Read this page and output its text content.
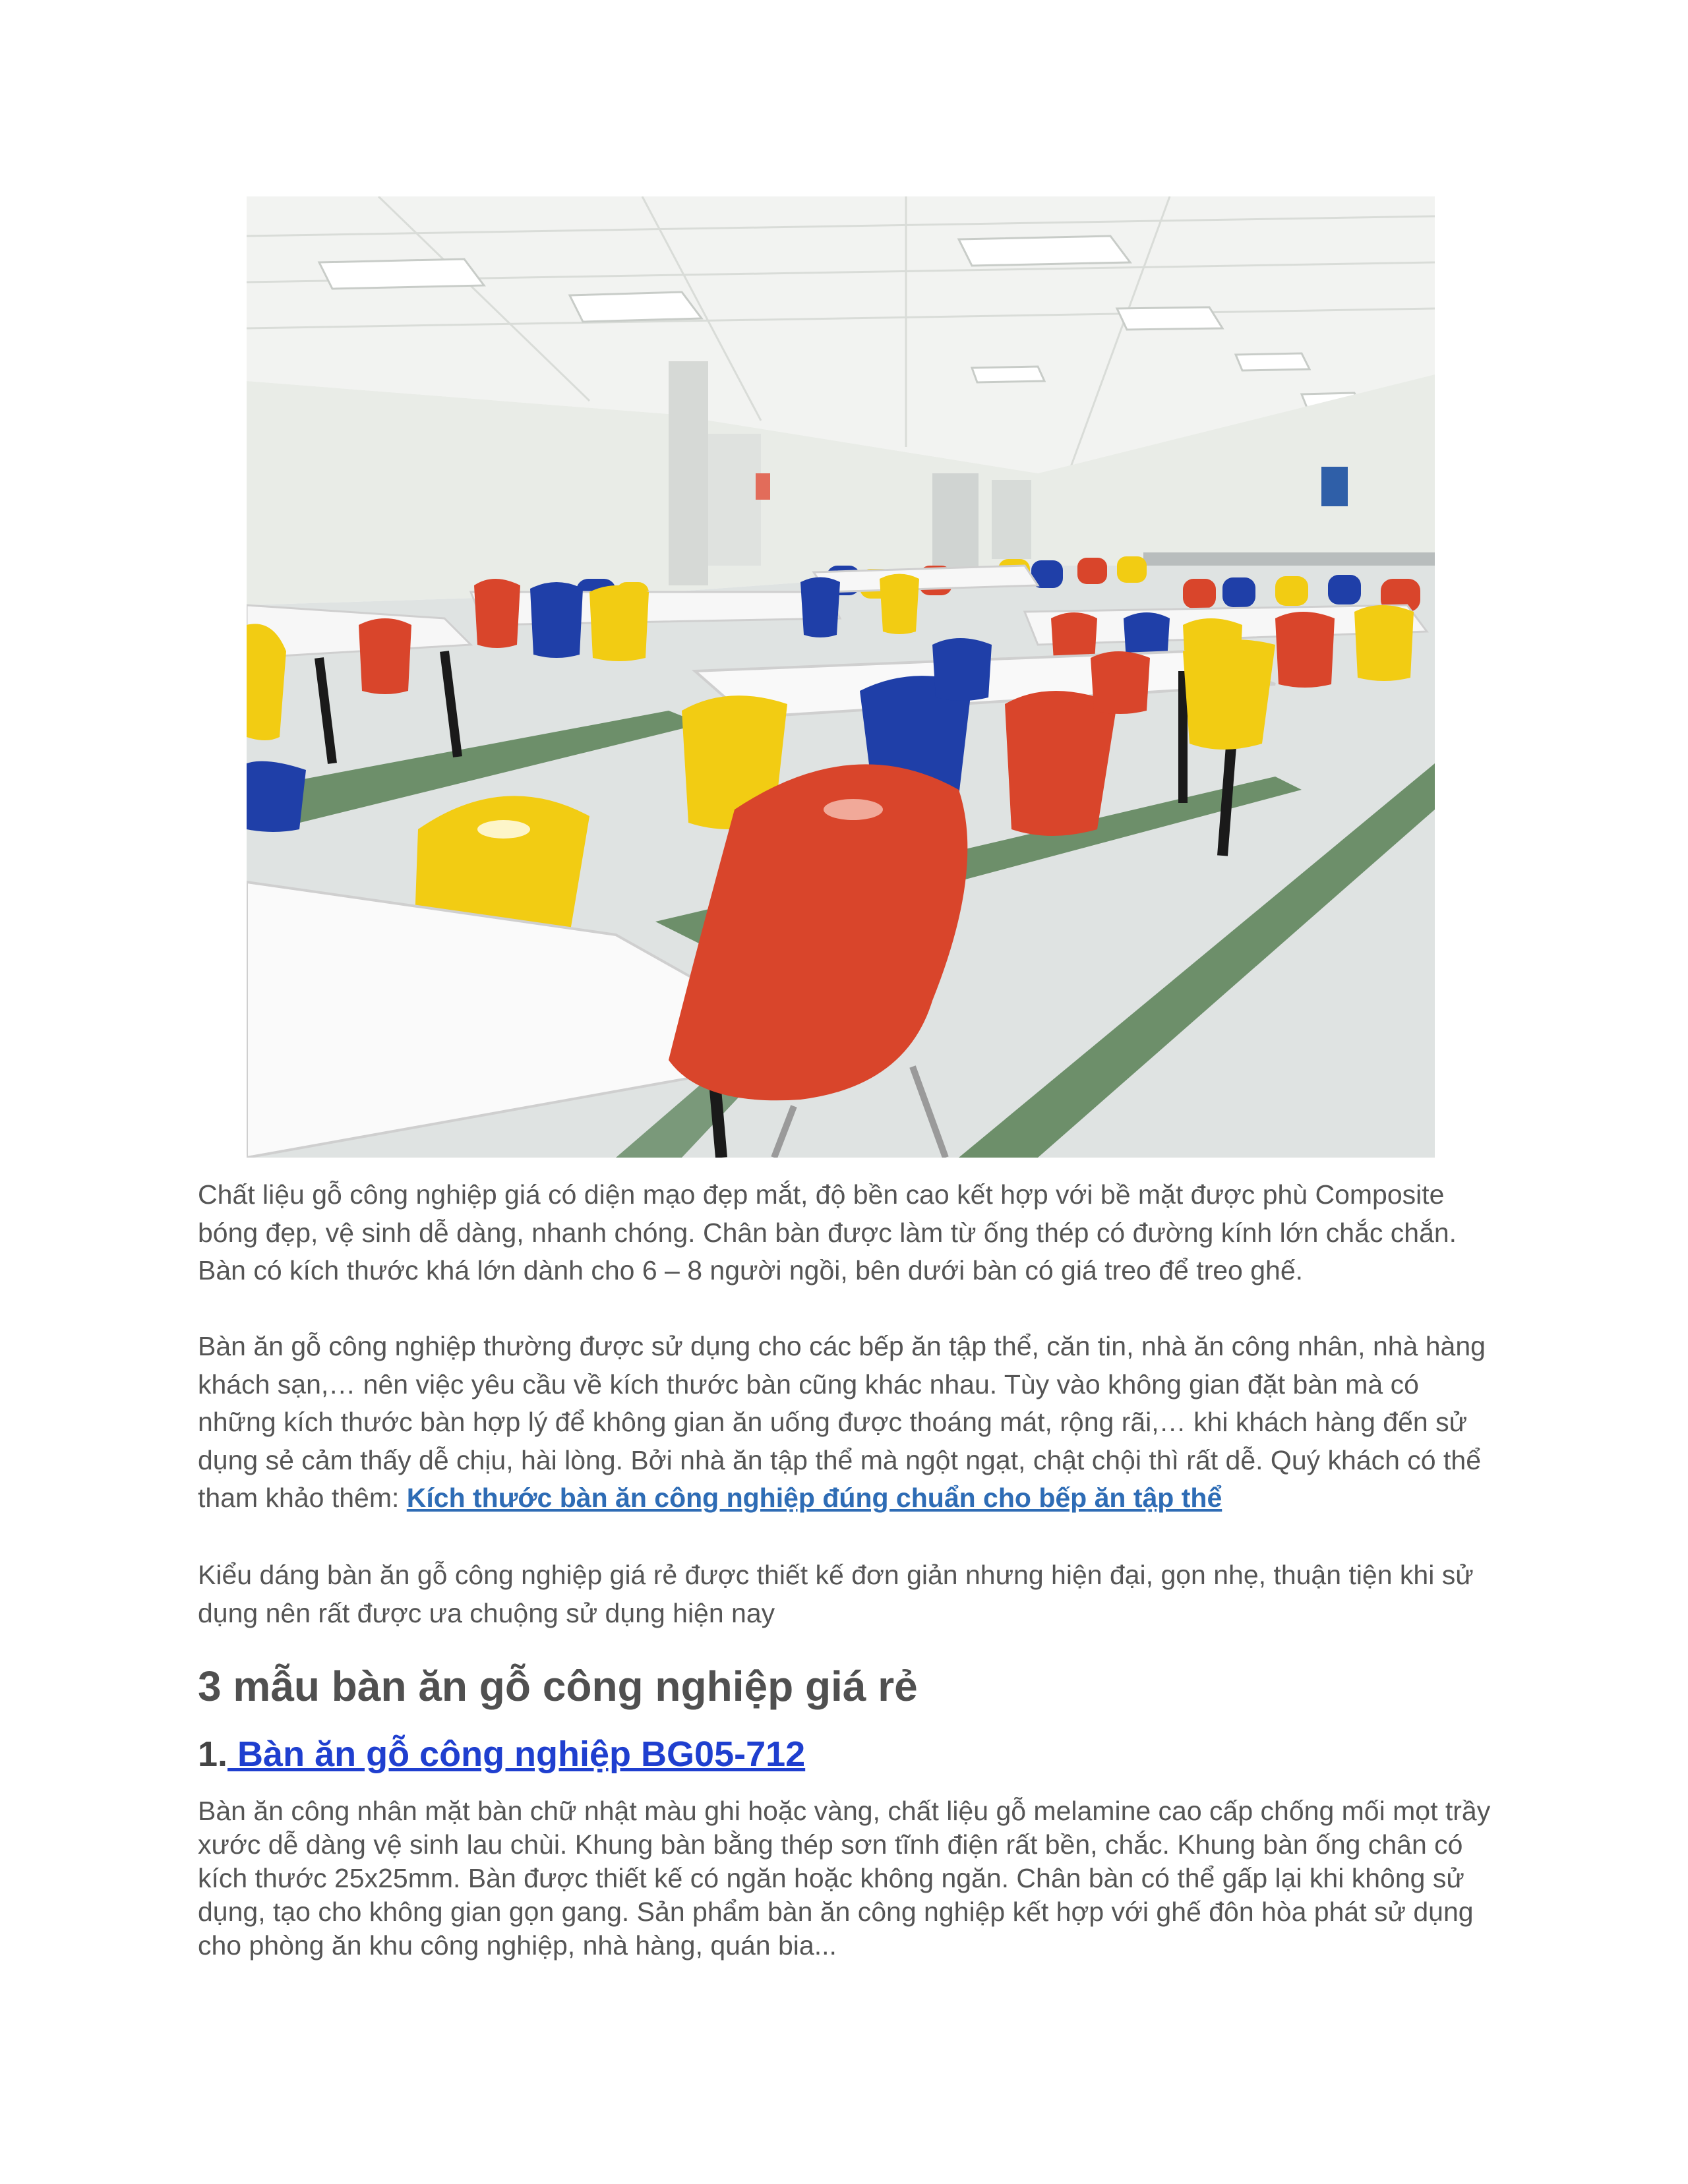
Chất liệu gỗ công nghiệp giá có diện mạo đẹp mắt, độ bền cao kết hợp với bề mặt được phù Composite bóng đẹp, vệ sinh dễ dàng, nhanh chóng. Chân bàn được làm từ ống thép có đường kính lớn chắc chắn. Bàn có kích thước khá lớn dành cho 6 – 8 người ngồi, bên dưới bàn có giá treo để treo ghế.

Bàn ăn gỗ công nghiệp thường được sử dụng cho các bếp ăn tập thể, căn tin, nhà ăn công nhân, nhà hàng khách sạn,… nên việc yêu cầu về kích thước bàn cũng khác nhau. Tùy vào không gian đặt bàn mà có những kích thước bàn hợp lý để không gian ăn uống được thoáng mát, rộng rãi,… khi khách hàng đến sử dụng sẻ cảm thấy dễ chịu, hài lòng. Bởi nhà ăn tập thể mà ngột ngạt, chật chội thì rất dễ. Quý khách có thể tham khảo thêm: Kích thước bàn ăn công nghiệp đúng chuẩn cho bếp ăn tập thể

Kiểu dáng bàn ăn gỗ công nghiệp giá rẻ được thiết kế đơn giản nhưng hiện đại, gọn nhẹ, thuận tiện khi sử dụng nên rất được ưa chuộng sử dụng hiện nay

3 mẫu bàn ăn gỗ công nghiệp giá rẻ
1. Bàn ăn gỗ công nghiệp BG05-712

Bàn ăn công nhân mặt bàn chữ nhật màu ghi hoặc vàng, chất liệu gỗ melamine cao cấp chống mối mọt trầy xước dễ dàng vệ sinh lau chùi. Khung bàn bằng thép sơn tĩnh điện rất bền, chắc. Khung bàn ống chân có kích thước 25x25mm. Bàn được thiết kế có ngăn hoặc không ngăn. Chân bàn có thể gấp lại khi không sử dụng, tạo cho không gian gọn gang. Sản phẩm bàn ăn công nghiệp kết hợp với ghế đôn hòa phát sử dụng cho phòng ăn khu công nghiệp, nhà hàng, quán bia...
